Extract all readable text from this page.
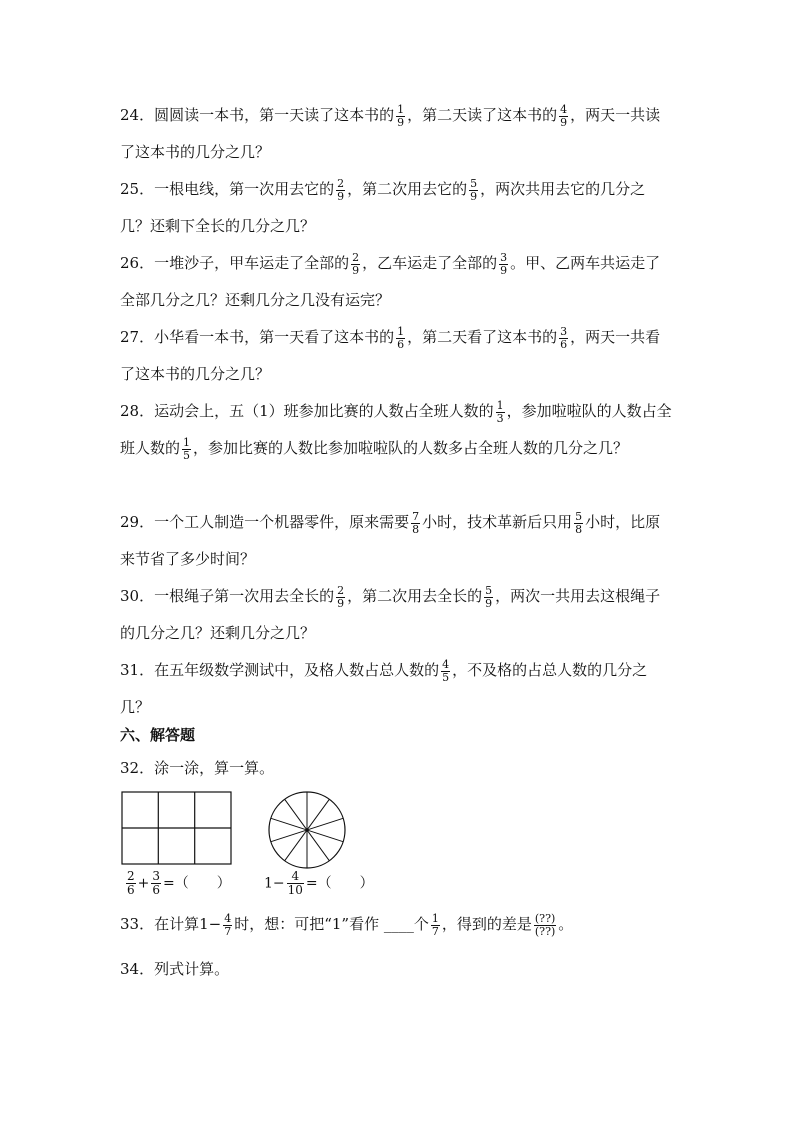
24．圆圆读一本书，第一天读了这本书的 $\frac{1}{9}$ ，第二天读了这本书的 $\frac{4}{9}$ ，两天一共读了这本书的几分之几？
25．一根电线，第一次用去它的 $\frac{2}{9}$ ，第二次用去它的 $\frac{5}{9}$ ，两次共用去它的几分之几？还剩下全长的几分之几？
26．一堆沙子，甲车运走了全部的 $\frac{2}{9}$ ，乙车运走了全部的 $\frac{3}{9}$ 。甲、乙两车共运走了全部几分之几？还剩几分之几没有运完？
27．小华看一本书，第一天看了这本书的 $\frac{1}{6}$ ，第二天看了这本书的 $\frac{3}{6}$ ，两天一共看了这本书的几分之几？
28．运动会上，五（1）班参加比赛的人数占全班人数的 $\frac{1}{3}$ ，参加啦啦队的人数占全班人数的 $\frac{1}{5}$ ，参加比赛的人数比参加啦啦队的人数多占全班人数的几分之几？
29．一个工人制造一个机器零件，原来需要 $\frac{7}{8}$ 小时，技术革新后只用 $\frac{5}{8}$ 小时，比原来节省了多少时间？
30．一根绳子第一次用去全长的 $\frac{2}{9}$ ，第二次用去全长的 $\frac{5}{9}$ ，两次一共用去这根绳子的几分之几？还剩几分之几？
31．在五年级数学测试中，及格人数占总人数的 $\frac{4}{5}$ ，不及格的占总人数的几分之几？
六、解答题
32．涂一涂，算一算。
$\frac{2}{6} + \frac{3}{6}$ =（　　） $1- \frac{4}{10}$ =（　　）
33．在计算$1- \frac{4}{7}$ 时，想：可把“1”看作 ____个 $\frac{1}{7}$ ，得到的差是 $\frac{(??)}{(??)}$ 。
34．列式计算。
